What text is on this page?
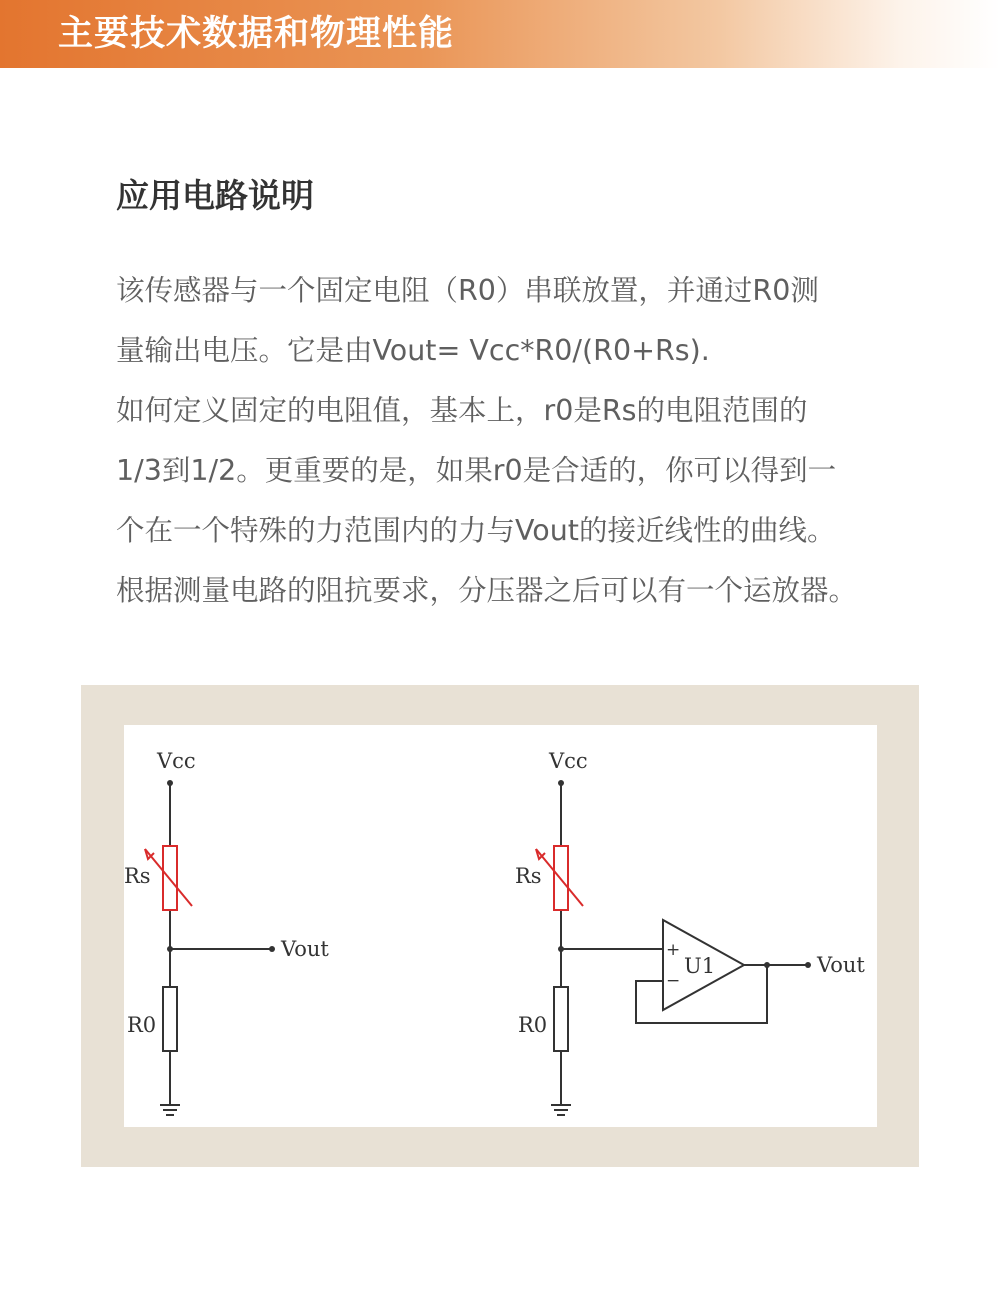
主要技术数据和物理性能
应用电路说明
该传感器与一个固定电阻（R0）串联放置，并通过R0测
量输出电压。它是由Vout= Vcc*R0/(R0+Rs).
如何定义固定的电阻值，基本上，r0是Rs的电阻范围的
1/3到1/2。更重要的是，如果r0是合适的，你可以得到一
个在一个特殊的力范围内的力与Vout的接近线性的曲线。
根据测量电路的阻抗要求，分压器之后可以有一个运放器。
Vcc
Rs
R0
Vout
Vcc
Rs
R0
Vout
U1
+
−
